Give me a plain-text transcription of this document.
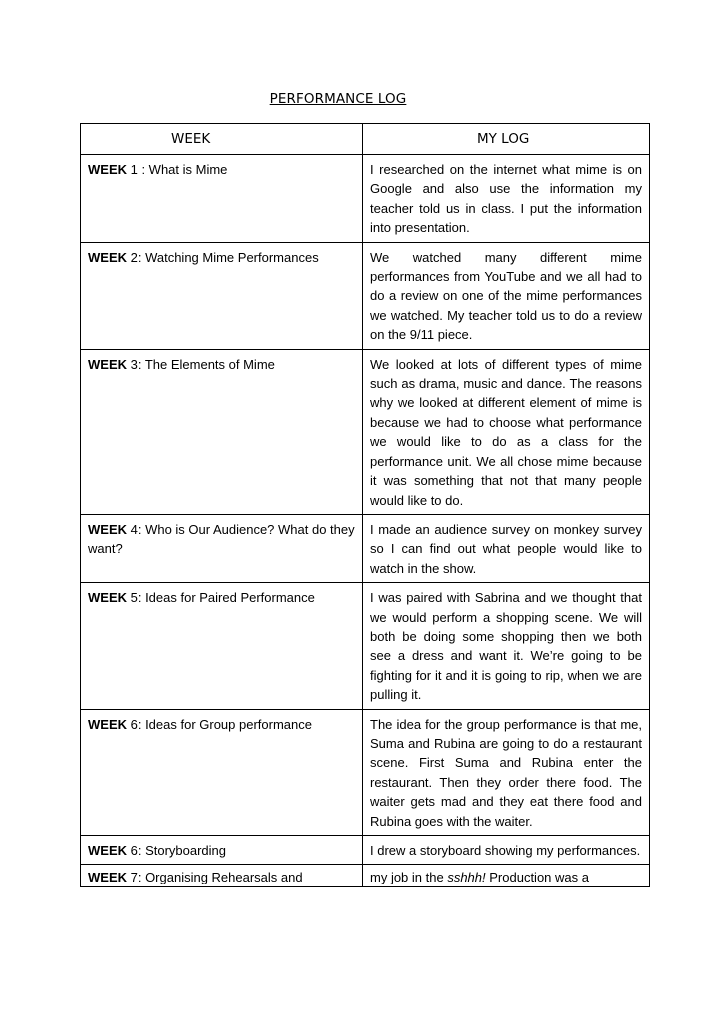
PERFORMANCE LOG
WEEK	MY LOG

WEEK 1 : What is Mime	I researched on the internet what mime is on Google and also use the information my teacher told us in class. I put the information into presentation.
WEEK 2: Watching Mime Performances	We watched many different mime performances from YouTube and we all had to do a review on one of the mime performances we watched. My teacher told us to do a review on the 9/11 piece.
WEEK 3: The Elements of Mime	We looked at lots of different types of mime such as drama, music and dance. The reasons why we looked at different element of mime is because we had to choose what performance we would like to do as a class for the performance unit. We all chose mime because it was something that not that many people would like to do.
WEEK 4: Who is Our Audience? What do they want?	I made an audience survey on monkey survey so I can find out what people would like to watch in the show.
WEEK 5: Ideas for Paired Performance	I was paired with Sabrina and we thought that we would perform a shopping scene. We will both be doing some shopping then we both see a dress and want it. We’re going to be fighting for it and it is going to rip, when we are pulling it.
WEEK 6: Ideas for Group performance	The idea for the group performance is that me, Suma and Rubina are going to do a restaurant scene. First Suma and Rubina enter the restaurant. Then they order there food. The waiter gets mad and they eat there food and Rubina goes with the waiter.
WEEK 6: Storyboarding	I drew a storyboard showing my performances.

WEEK 7: Organising Rehearsals and	my job in the sshhh! Production was a
